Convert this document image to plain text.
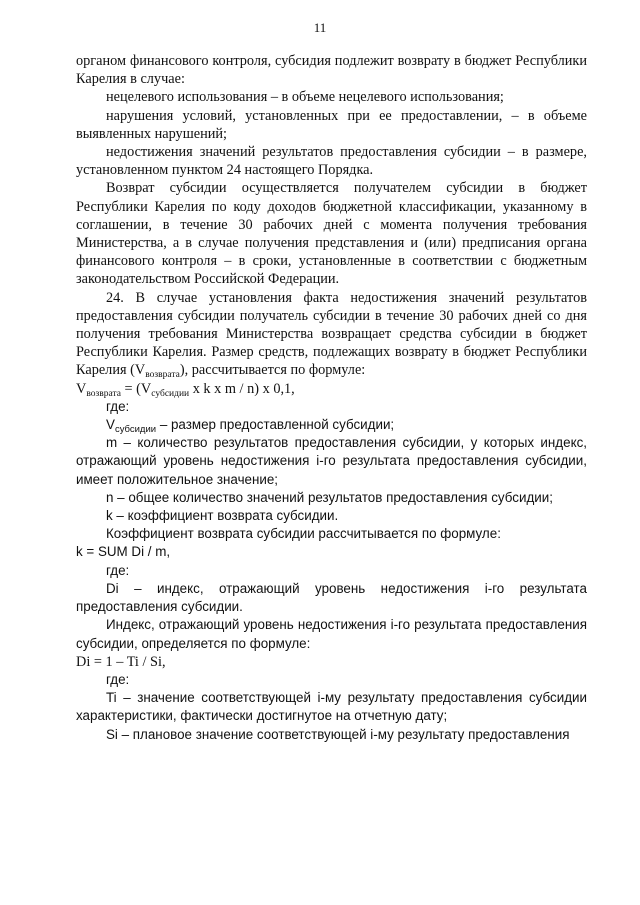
11

органом финансового контроля, субсидия подлежит возврату в бюджет Республики Карелия в случае:

нецелевого использования – в объеме нецелевого использования;

нарушения условий, установленных при ее предоставлении, – в объеме выявленных нарушений;

недостижения значений результатов предоставления субсидии – в размере, установленном пунктом 24 настоящего Порядка.

Возврат субсидии осуществляется получателем субсидии в бюджет Республики Карелия по коду доходов бюджетной классификации, указанному в соглашении, в течение 30 рабочих дней с момента получения требования Министерства, а в случае получения представления и (или) предписания органа финансового контроля – в сроки, установленные в соответствии с бюджетным законодательством Российской Федерации.

24. В случае установления факта недостижения значений результатов предоставления субсидии получатель субсидии в течение 30 рабочих дней со дня получения требования Министерства возвращает средства субсидии в бюджет Республики Карелия. Размер средств, подлежащих возврату в бюджет Республики Карелия $(V_{возврата})$, рассчитывается по формуле:

$V_{возврата} = (V_{субсидии}$ x k x m / n) x 0,1,

где:

$V_{субсидии}$ – размер предоставленной субсидии;

m – количество результатов предоставления субсидии, у которых индекс, отражающий уровень недостижения i-го результата предоставления субсидии, имеет положительное значение;

n – общее количество значений результатов предоставления субсидии;

k – коэффициент возврата субсидии.

Коэффициент возврата субсидии рассчитывается по формуле:

k = SUM Di / m,

где:

Di – индекс, отражающий уровень недостижения i-го результата предоставления субсидии.

Индекс, отражающий уровень недостижения i-го результата предоставления субсидии, определяется по формуле:

Di = 1 – Ti / Si,

где:

Ti – значение соответствующей i-му результату предоставления субсидии характеристики, фактически достигнутое на отчетную дату;

Si – плановое значение соответствующей i-му результату предоставления
